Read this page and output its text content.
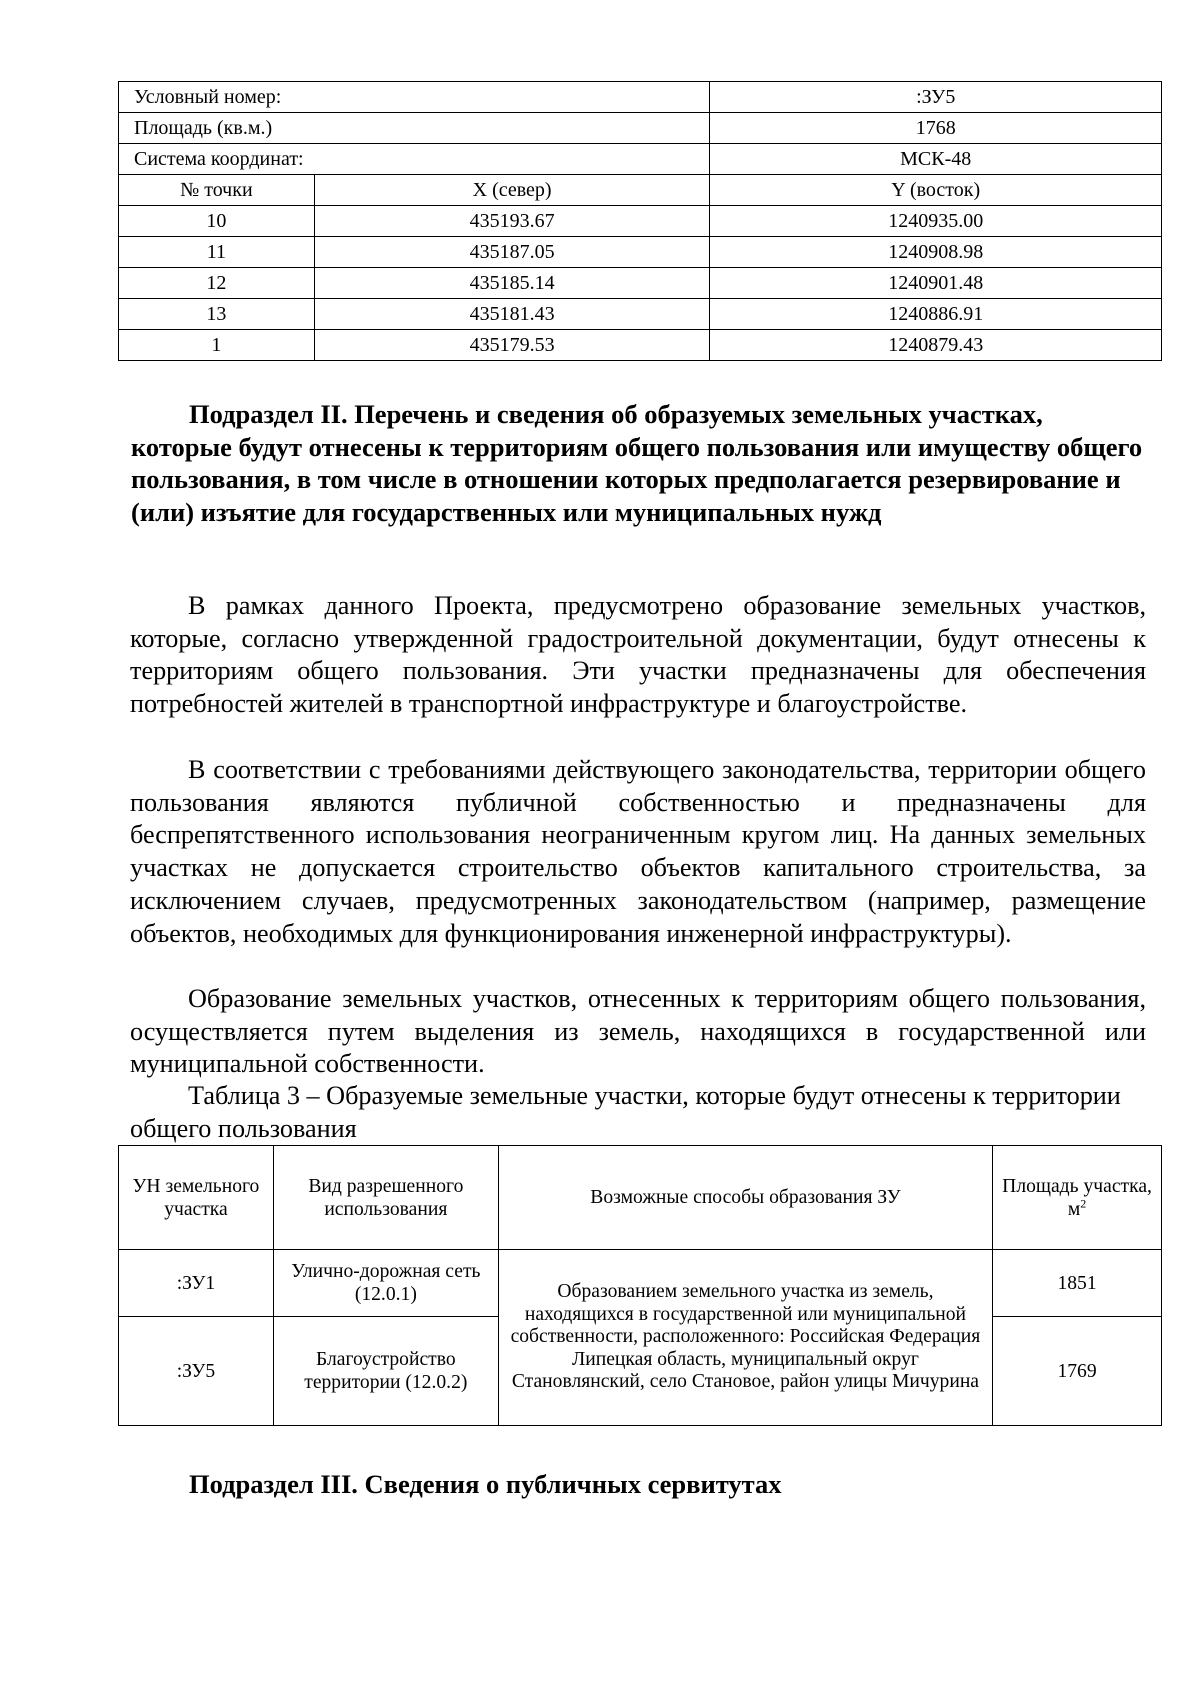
Условный номер:		:ЗУ5
Площадь (кв.м.)		1768
Система координат:		МСК-48
№ точки	X (север)	Y (восток)
10	435193.67	1240935.00
11	435187.05	1240908.98
12	435185.14	1240901.48
13	435181.43	1240886.91
1	435179.53	1240879.43
Подраздел II. Перечень и сведения об образуемых земельных участках, которые будут отнесены к территориям общего пользования или имуществу общего пользования, в том числе в отношении которых предполагается резервирование и (или) изъятие для государственных или муниципальных нужд

В рамках данного Проекта, предусмотрено образование земельных участков, которые, согласно утвержденной градостроительной документации, будут отнесены к территориям общего пользования. Эти участки предназначены для обеспечения потребностей жителей в транспортной инфраструктуре и благоустройстве.

В соответствии с требованиями действующего законодательства, территории общего пользования являются публичной собственностью и предназначены для беспрепятственного использования неограниченным кругом лиц. На данных земельных участках не допускается строительство объектов капитального строительства, за исключением случаев, предусмотренных законодательством (например, размещение объектов, необходимых для функционирования инженерной инфраструктуры).

Образование земельных участков, отнесенных к территориям общего пользования, осуществляется путем выделения из земель, находящихся в государственной или муниципальной собственности.

Таблица 3 – Образуемые земельные участки, которые будут отнесены к территории общего пользования

УН земельного участка	Вид разрешенного использования	Возможные способы образования ЗУ	Площадь участка, $м^2$
:ЗУ1	Улично-дорожная сеть (12.0.1)	Образованием земельного участка из земель, находящихся в государственной или муниципальной собственности, расположенного: Российская Федерация Липецкая область, муниципальный округ Становлянский, село Становое, район улицы Мичурина	1851
:ЗУ5	Благоустройство территории (12.0.2)		1769
Подраздел III. Сведения о публичных сервитутах
